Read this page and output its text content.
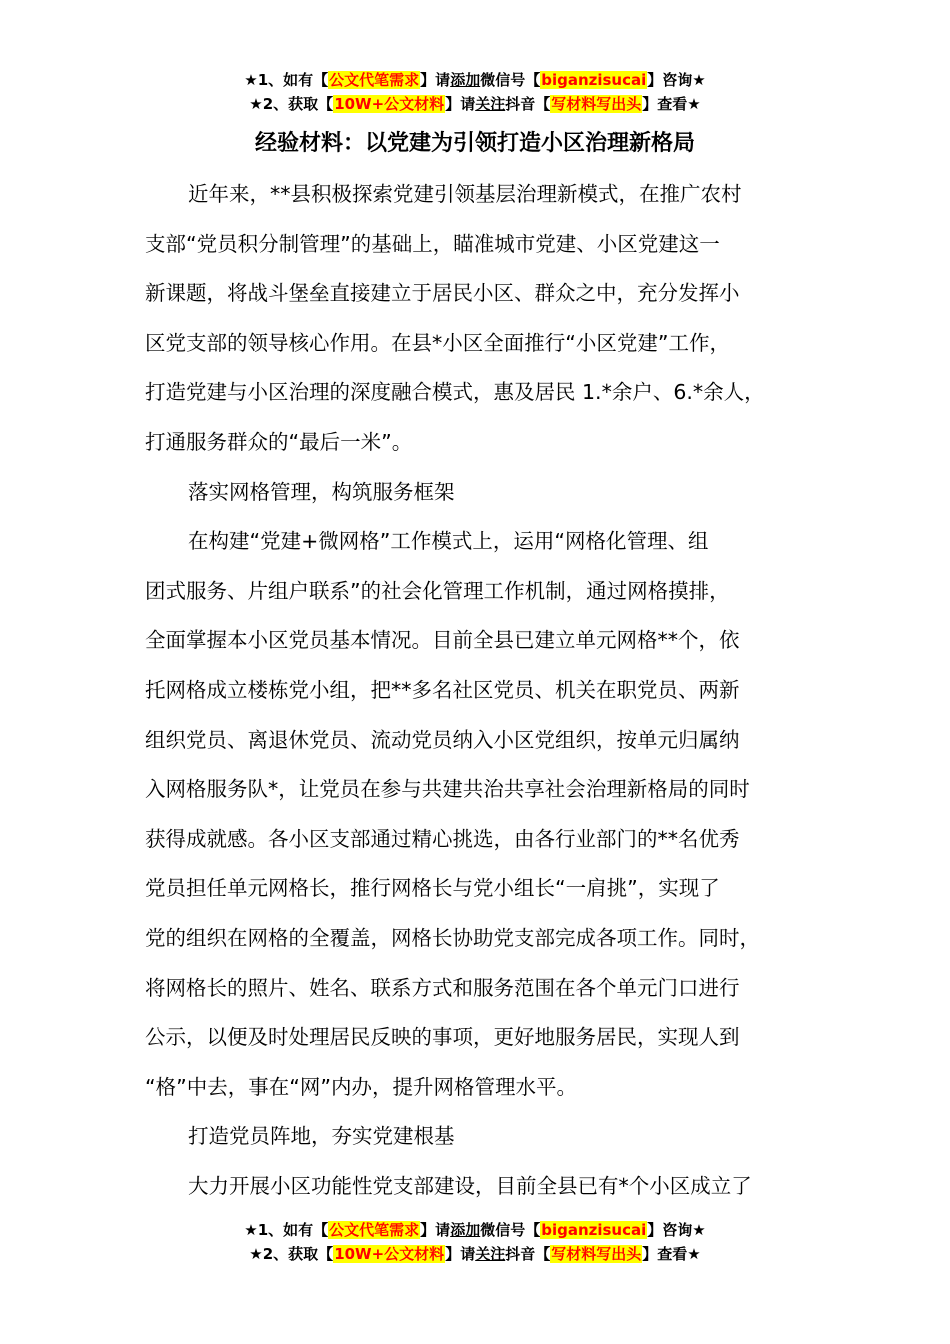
★1、如有【公文代笔需求】请添加微信号【biganzisucai】咨询★
★2、获取【10W+公文材料】请关注抖音【写材料写出头】查看★
经验材料：以党建为引领打造小区治理新格局
近年来，**县积极探索党建引领基层治理新模式，在推广农村
支部“党员积分制管理”的基础上，瞄准城市党建、小区党建这一
新课题，将战斗堡垒直接建立于居民小区、群众之中，充分发挥小
区党支部的领导核心作用。在县*小区全面推行“小区党建”工作，
打造党建与小区治理的深度融合模式，惠及居民 1.*余户、6.*余人，
打通服务群众的“最后一米”。
落实网格管理，构筑服务框架
在构建“党建+微网格”工作模式上，运用“网格化管理、组
团式服务、片组户联系”的社会化管理工作机制，通过网格摸排，
全面掌握本小区党员基本情况。目前全县已建立单元网格**个，依
托网格成立楼栋党小组，把**多名社区党员、机关在职党员、两新
组织党员、离退休党员、流动党员纳入小区党组织，按单元归属纳
入网格服务队*，让党员在参与共建共治共享社会治理新格局的同时
获得成就感。各小区支部通过精心挑选，由各行业部门的**名优秀
党员担任单元网格长，推行网格长与党小组长“一肩挑”，实现了
党的组织在网格的全覆盖，网格长协助党支部完成各项工作。同时，
将网格长的照片、姓名、联系方式和服务范围在各个单元门口进行
公示，以便及时处理居民反映的事项，更好地服务居民，实现人到
“格”中去，事在“网”内办，提升网格管理水平。
打造党员阵地，夯实党建根基
大力开展小区功能性党支部建设，目前全县已有*个小区成立了
★1、如有【公文代笔需求】请添加微信号【biganzisucai】咨询★
★2、获取【10W+公文材料】请关注抖音【写材料写出头】查看★
